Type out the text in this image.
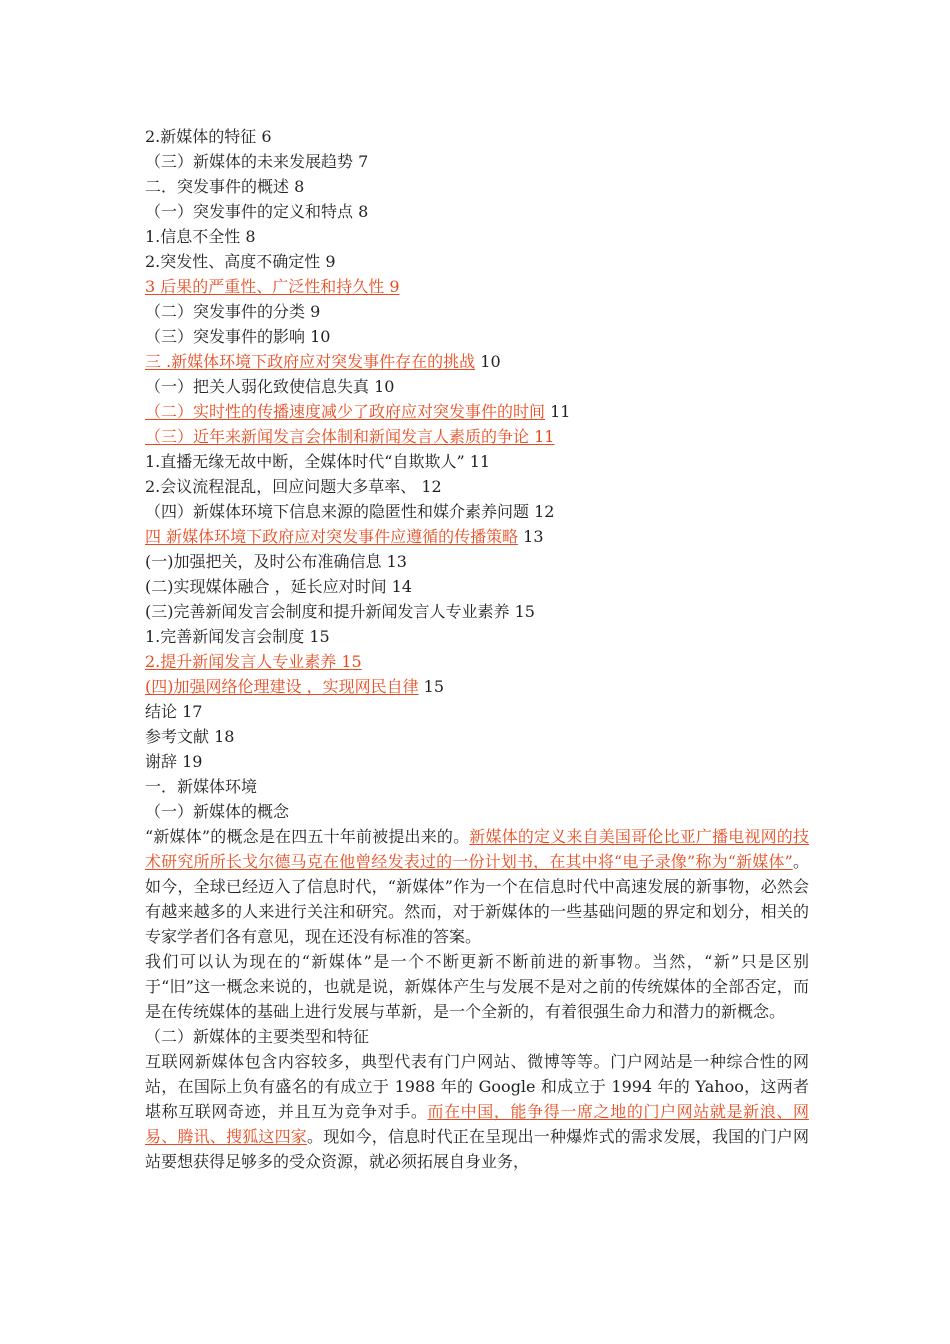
2.新媒体的特征 6
（三）新媒体的未来发展趋势 7
二．突发事件的概述 8
（一）突发事件的定义和特点 8
1.信息不全性 8
2.突发性、高度不确定性 9
3 后果的严重性、广泛性和持久性 9
（二）突发事件的分类 9
（三）突发事件的影响 10
三 .新媒体环境下政府应对突发事件存在的挑战 10
（一）把关人弱化致使信息失真 10
（二）实时性的传播速度减少了政府应对突发事件的时间 11
（三）近年来新闻发言会体制和新闻发言人素质的争论 11
1.直播无缘无故中断，全媒体时代“自欺欺人” 11
2.会议流程混乱，回应问题大多草率、 12
（四）新媒体环境下信息来源的隐匿性和媒介素养问题 12
四 新媒体环境下政府应对突发事件应遵循的传播策略 13
(一)加强把关，及时公布准确信息 13
(二)实现媒体融合 ，延长应对时间 14
(三)完善新闻发言会制度和提升新闻发言人专业素养 15
1.完善新闻发言会制度 15
2.提升新闻发言人专业素养 15
(四)加强网络伦理建设 ，实现网民自律 15
结论 17
参考文献 18
谢辞 19
一．新媒体环境
（一）新媒体的概念
“新媒体”的概念是在四五十年前被提出来的。新媒体的定义来自美国哥伦比亚广播电视网的技术研究所所长戈尔德马克在他曾经发表过的一份计划书，在其中将“电子录像”称为“新媒体”。如今，全球已经迈入了信息时代，“新媒体”作为一个在信息时代中高速发展的新事物，必然会有越来越多的人来进行关注和研究。然而，对于新媒体的一些基础问题的界定和划分，相关的专家学者们各有意见，现在还没有标准的答案。
我们可以认为现在的“新媒体”是一个不断更新不断前进的新事物。当然，“新”只是区别于“旧”这一概念来说的，也就是说，新媒体产生与发展不是对之前的传统媒体的全部否定，而是在传统媒体的基础上进行发展与革新，是一个全新的，有着很强生命力和潜力的新概念。
（二）新媒体的主要类型和特征
互联网新媒体包含内容较多，典型代表有门户网站、微博等等。门户网站是一种综合性的网站，在国际上负有盛名的有成立于 1988 年的 Google 和成立于 1994 年的 Yahoo，这两者堪称互联网奇迹，并且互为竞争对手。而在中国，能争得一席之地的门户网站就是新浪、网易、腾讯、搜狐这四家。现如今，信息时代正在呈现出一种爆炸式的需求发展，我国的门户网站要想获得足够多的受众资源，就必须拓展自身业务，
